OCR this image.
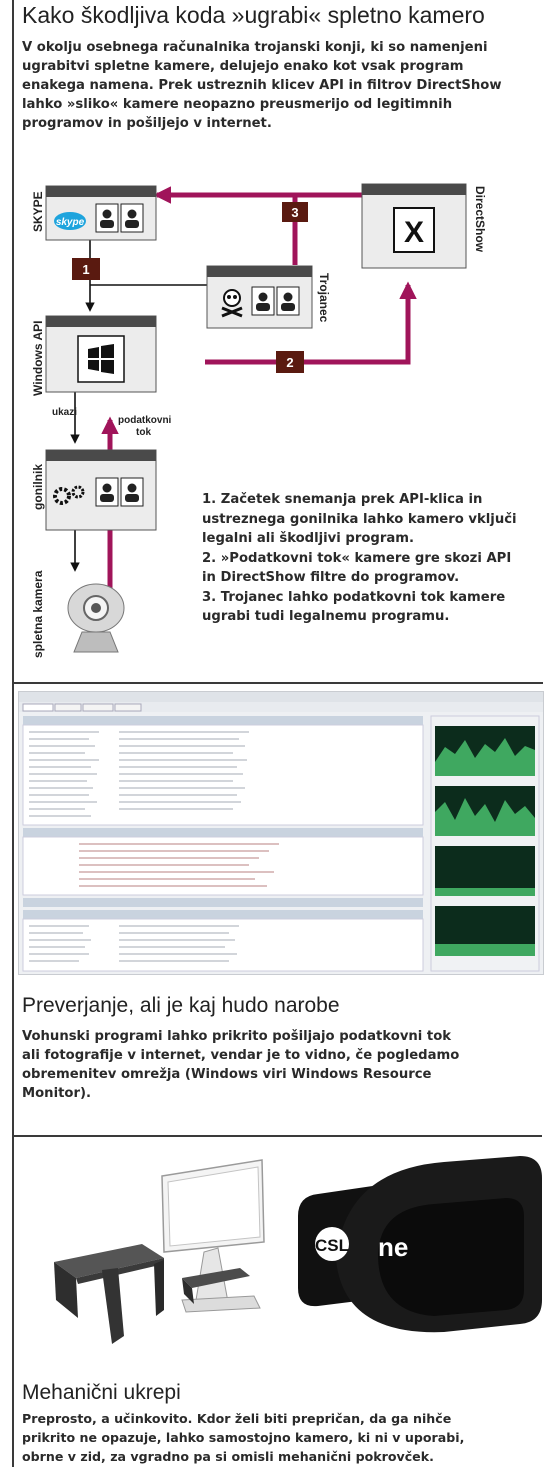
Kako škodljiva koda »ugrabi« spletno kamero
V okolju osebnega računalnika trojanski konji, ki so namenjeni
ugrabitvi spletne kamere, delujejo enako kot vsak program
enakega namena. Prek ustreznih klicev API in filtrov DirectShow
lahko »sliko« kamere neopazno preusmerijo od legitimnih
programov in pošiljejo v internet.
1
2
3
skype
SKYPE
X	DirectShow
Trojanec
Windows API
ukazi
podatkovni
tok
gonilnik
spletna kamera
1. Začetek snemanja prek API-klica in
ustreznega gonilnika lahko kamero vključi
legalni ali škodljivi program.
2. »Podatkovni tok« kamere gre skozi API
in DirectShow filtre do programov.
3. Trojanec lahko podatkovni tok kamere
ugrabi tudi legalnemu programu.
Preverjanje, ali je kaj hudo narobe
Vohunski programi lahko prikrito pošiljajo podatkovni tok
ali fotografije v internet, vendar je to vidno, če pogledamo
obremenitev omrežja (Windows viri Windows Resource
Monitor).
CSL ne
Mehanični ukrepi
Preprosto, a učinkovito. Kdor želi biti prepričan, da ga nihče
prikrito ne opazuje, lahko samostojno kamero, ki ni v uporabi,
obrne v zid, za vgradno pa si omisli mehanični pokrovček.
